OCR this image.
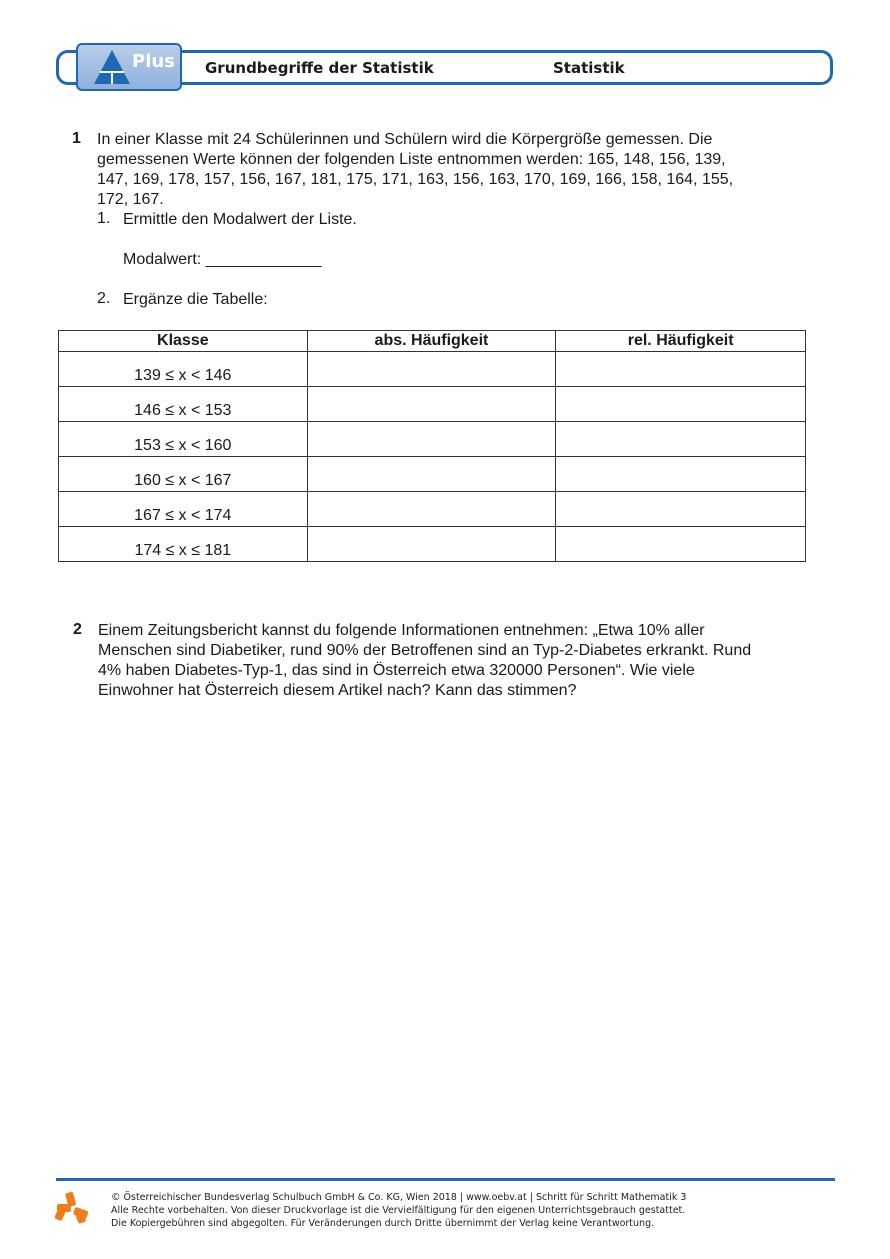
Plus Grundbegriffe der Statistik	Statistik
1 In einer Klasse mit 24 Schülerinnen und Schülern wird die Körpergröße gemessen. Die
gemessenen Werte können der folgenden Liste entnommen werden: 165, 148, 156, 139,
147, 169, 178, 157, 156, 167, 181, 175, 171, 163, 156, 163, 170, 169, 166, 158, 164, 155,
172, 167.
1. Ermittle den Modalwert der Liste.
Modalwert: _____________
2. Ergänze die Tabelle:
Klasse	abs. Häufigkeit	rel. Häufigkeit
139 ≤ x < 146		
146 ≤ x < 153		
153 ≤ x < 160		
160 ≤ x < 167		
167 ≤ x < 174		
174 ≤ x ≤ 181		
2 Einem Zeitungsbericht kannst du folgende Informationen entnehmen: „Etwa 10% aller
Menschen sind Diabetiker, rund 90% der Betroffenen sind an Typ-2-Diabetes erkrankt. Rund
4% haben Diabetes-Typ-1, das sind in Österreich etwa 320000 Personen“. Wie viele
Einwohner hat Österreich diesem Artikel nach? Kann das stimmen?
© Österreichischer Bundesverlag Schulbuch GmbH & Co. KG, Wien 2018 | www.oebv.at | Schritt für Schritt Mathematik 3
Alle Rechte vorbehalten. Von dieser Druckvorlage ist die Vervielfältigung für den eigenen Unterrichtsgebrauch gestattet.
Die Kopiergebühren sind abgegolten. Für Veränderungen durch Dritte übernimmt der Verlag keine Verantwortung.
